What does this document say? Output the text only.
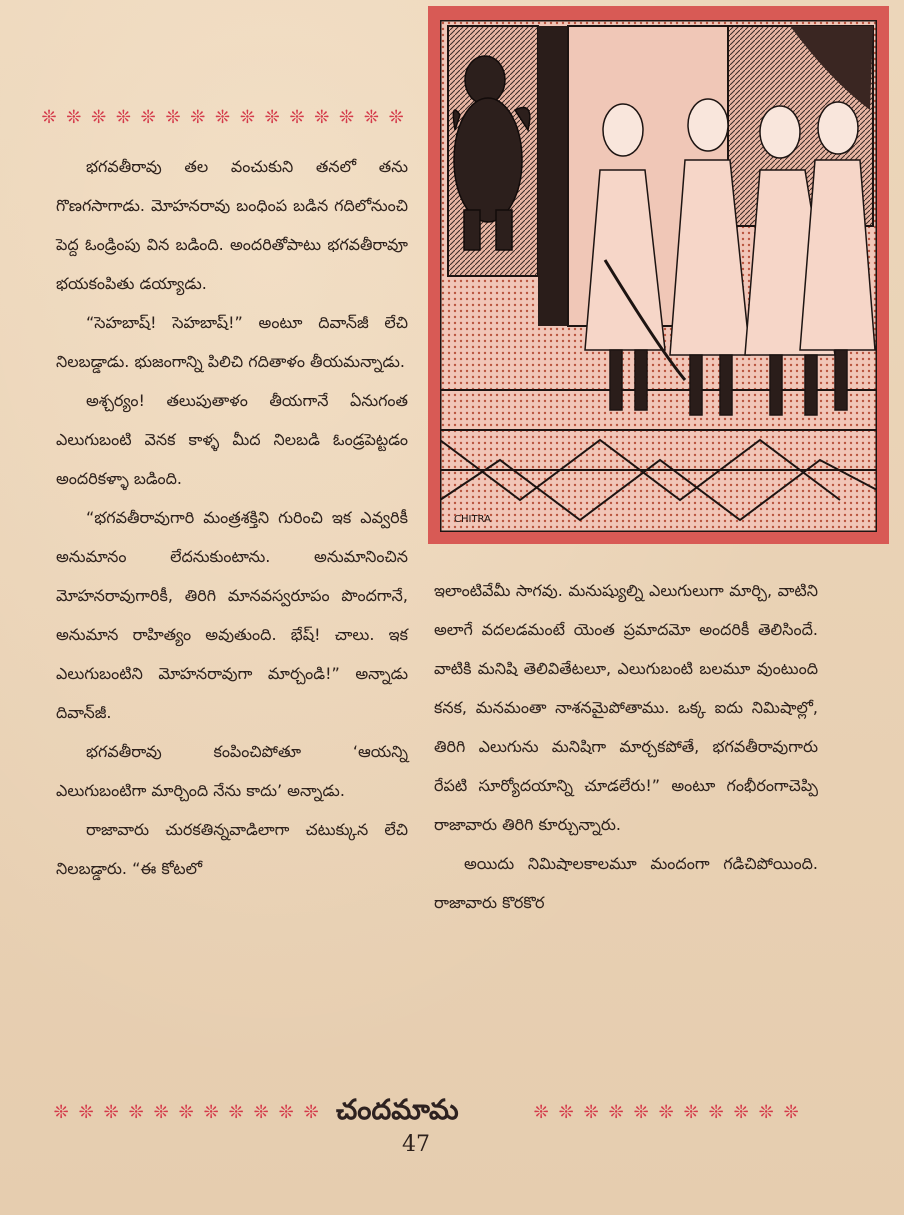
❊ ❊ ❊ ❊ ❊ ❊ ❊ ❊ ❊ ❊ ❊ ❊ ❊ ❊ ❊

భగవతీరావు తల వంచుకుని తనలో తను గొణగసాగాడు. మోహనరావు బంధింప బడిన గదిలోనుంచి పెద్ద ఓండ్రింపు విన బడింది. అందరితోపాటు భగవతీరావూ భయకంపితు డయ్యాడు.

“సెహబాష్! సెహబాష్!” అంటూ దివాన్‌జీ లేచి నిలబడ్డాడు. భుజంగాన్ని పిలిచి గదితాళం తీయమన్నాడు.

అశ్చర్యం! తలుపుతాళం తీయగానే ఏనుగంత ఎలుగుబంటి వెనక కాళ్ళ మీద నిలబడి ఓండ్రపెట్టడం అందరికళ్ళా బడింది.

“భగవతీరావుగారి మంత్రశక్తిని గురించి ఇక ఎవ్వరికీ అనుమానం లేదనుకుంటాను. అనుమానించిన మోహనరావుగారికీ, తిరిగి మానవస్వరూపం పొందగానే, అనుమాన రాహిత్యం అవుతుంది. భేష్! చాలు. ఇక ఎలుగుబంటిని మోహనరావుగా మార్చండి!” అన్నాడు దివాన్‌జీ.

భగవతీరావు కంపించిపోతూ ‘ఆయన్ని ఎలుగుబంటిగా మార్చింది నేను కాదు’ అన్నాడు.

రాజావారు చురకతిన్నవాడిలాగా చటుక్కున లేచి నిలబడ్డారు. “ఈ కోటలో

CHITRA

ఇలాంటివేమీ సాగవు. మనుష్యుల్ని ఎలుగులుగా మార్చి, వాటిని అలాగే వదలడమంటే యెంత ప్రమాదమో అందరికీ తెలిసిందే. వాటికి మనిషి తెలివితేటలూ, ఎలుగుబంటి బలమూ వుంటుంది కనక, మనమంతా నాశనమైపోతాము. ఒక్క ఐదు నిమిషాల్లో, తిరిగి ఎలుగును మనిషిగా మార్చకపోతే, భగవతీరావుగారు రేపటి సూర్యోదయాన్ని చూడలేరు!” అంటూ గంభీరంగాచెప్పి రాజావారు తిరిగి కూర్చున్నారు.

అయిదు నిమిషాలకాలమూ మందంగా గడిచిపోయింది. రాజావారు కొరకొర

❊ ❊ ❊ ❊ ❊ ❊ ❊ ❊ ❊ ❊ ❊ చందమామ	❊ ❊ ❊ ❊ ❊ ❊ ❊ ❊ ❊ ❊ ❊
47
